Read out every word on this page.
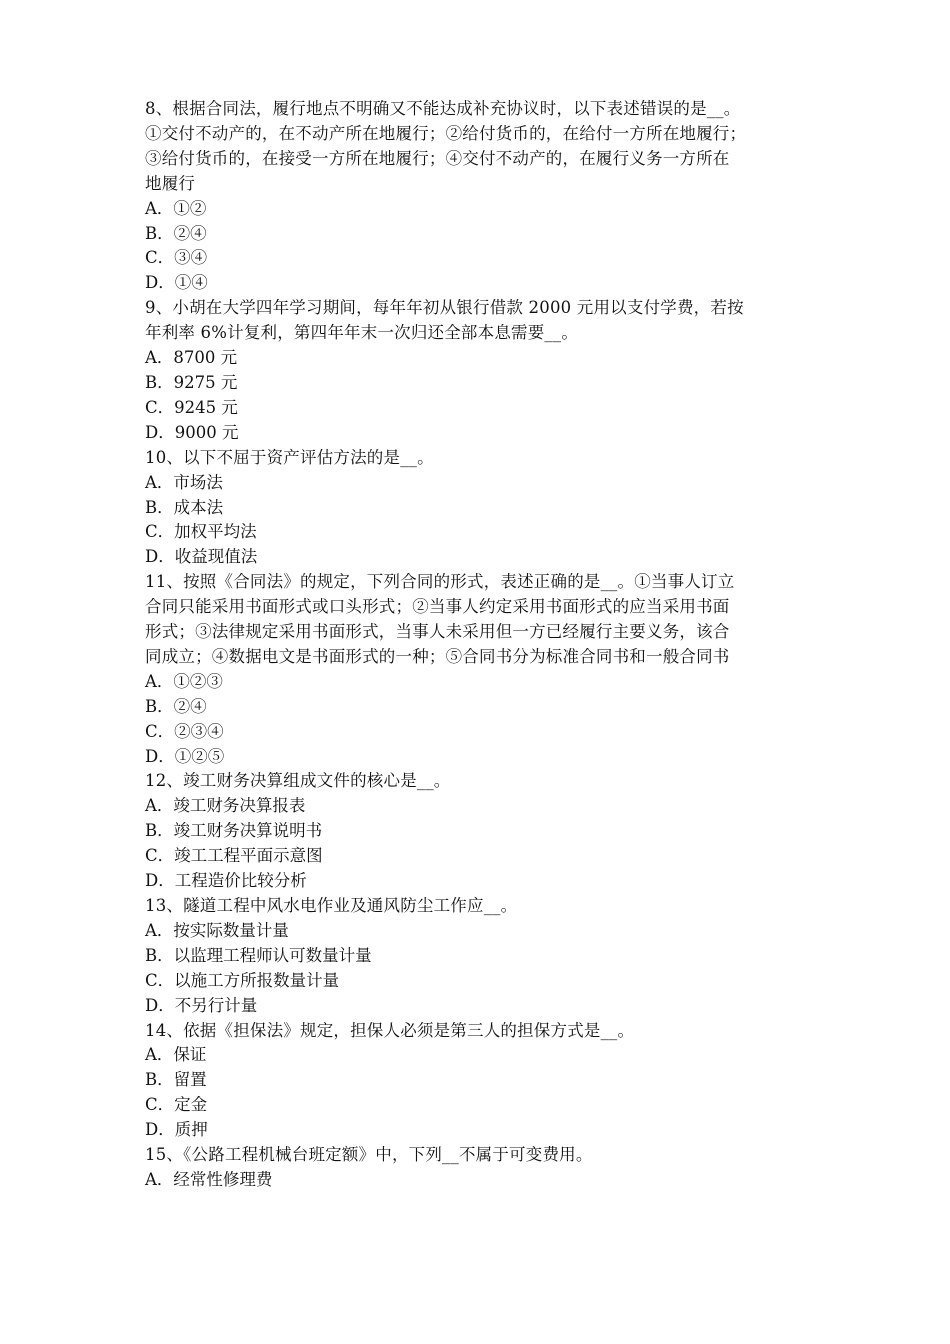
8、根据合同法，履行地点不明确又不能达成补充协议时，以下表述错误的是__。

①交付不动产的，在不动产所在地履行；②给付货币的，在给付一方所在地履行；

③给付货币的，在接受一方所在地履行；④交付不动产的，在履行义务一方所在

地履行

A．①②

B．②④

C．③④

D．①④

9、小胡在大学四年学习期间，每年年初从银行借款 2000 元用以支付学费，若按

年利率 6%计复利，第四年年末一次归还全部本息需要__。

A．8700 元

B．9275 元

C．9245 元

D．9000 元

10、以下不屈于资产评估方法的是__。

A．市场法

B．成本法

C．加权平均法

D．收益现值法

11、按照《合同法》的规定，下列合同的形式，表述正确的是__。①当事人订立

合同只能采用书面形式或口头形式；②当事人约定采用书面形式的应当采用书面

形式；③法律规定采用书面形式，当事人未采用但一方已经履行主要义务，该合

同成立；④数据电文是书面形式的一种；⑤合同书分为标准合同书和一般合同书

A．①②③

B．②④

C．②③④

D．①②⑤

12、竣工财务决算组成文件的核心是__。

A．竣工财务决算报表

B．竣工财务决算说明书

C．竣工工程平面示意图

D．工程造价比较分析

13、隧道工程中风水电作业及通风防尘工作应__。

A．按实际数量计量

B．以监理工程师认可数量计量

C．以施工方所报数量计量

D．不另行计量

14、依据《担保法》规定，担保人必须是第三人的担保方式是__。

A．保证

B．留置

C．定金

D．质押

15、《公路工程机械台班定额》中，下列__不属于可变费用。

A．经常性修理费
